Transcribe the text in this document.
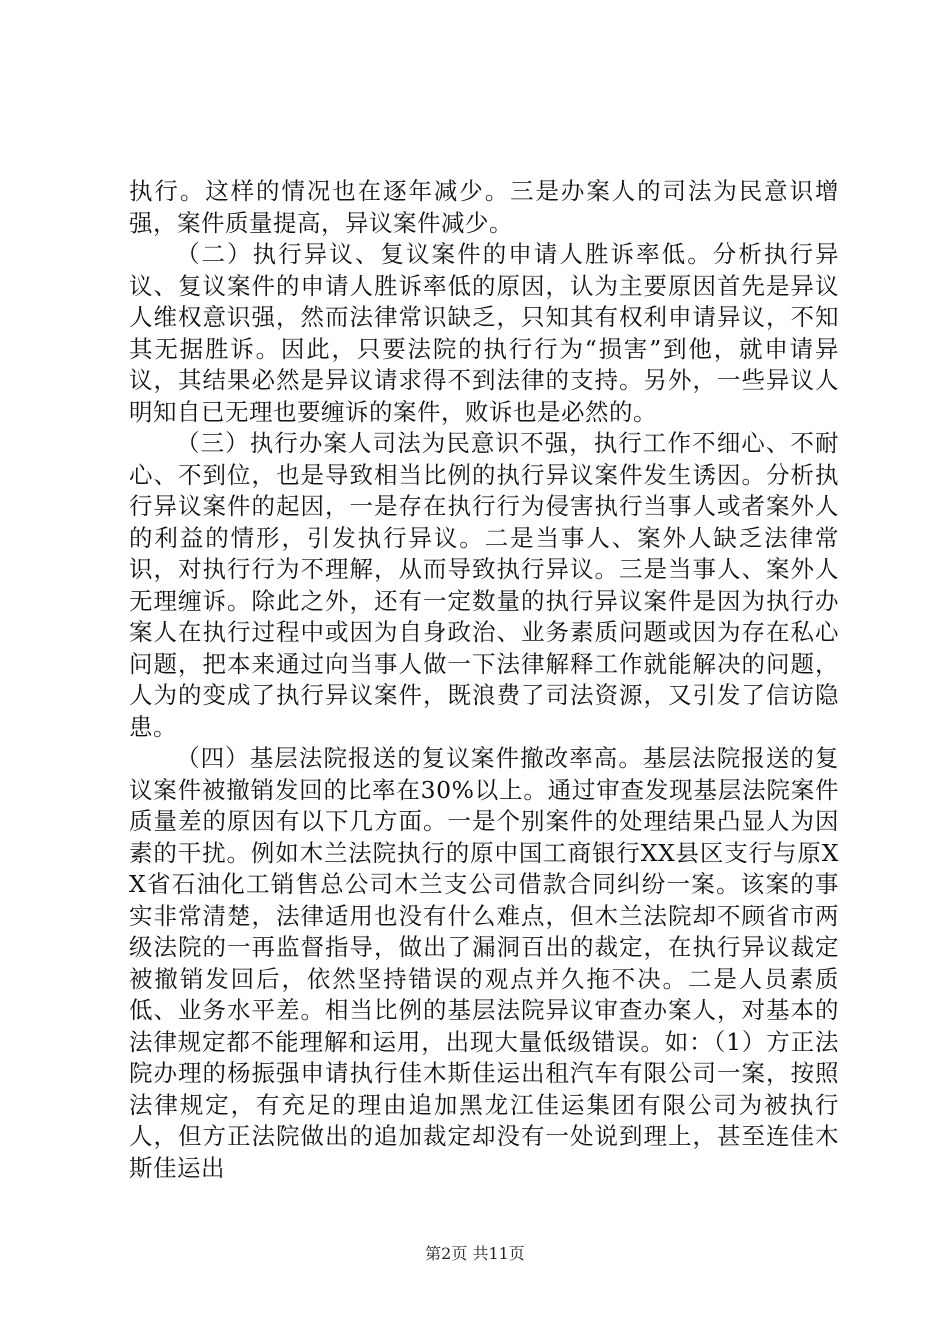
执行。这样的情况也在逐年减少。三是办案人的司法为民意识增强，案件质量提高，异议案件减少。

（二）执行异议、复议案件的申请人胜诉率低。分析执行异议、复议案件的申请人胜诉率低的原因，认为主要原因首先是异议人维权意识强，然而法律常识缺乏，只知其有权利申请异议，不知其无据胜诉。因此，只要法院的执行行为“损害”到他，就申请异议，其结果必然是异议请求得不到法律的支持。另外，一些异议人明知自已无理也要缠诉的案件，败诉也是必然的。

（三）执行办案人司法为民意识不强，执行工作不细心、不耐心、不到位，也是导致相当比例的执行异议案件发生诱因。分析执行异议案件的起因，一是存在执行行为侵害执行当事人或者案外人的利益的情形，引发执行异议。二是当事人、案外人缺乏法律常识，对执行行为不理解，从而导致执行异议。三是当事人、案外人无理缠诉。除此之外，还有一定数量的执行异议案件是因为执行办案人在执行过程中或因为自身政治、业务素质问题或因为存在私心问题，把本来通过向当事人做一下法律解释工作就能解决的问题，人为的变成了执行异议案件，既浪费了司法资源，又引发了信访隐患。

（四）基层法院报送的复议案件撤改率高。基层法院报送的复议案件被撤销发回的比率在30%以上。通过审查发现基层法院案件质量差的原因有以下几方面。一是个别案件的处理结果凸显人为因素的干扰。例如木兰法院执行的原中国工商银行XX县区支行与原XX省石油化工销售总公司木兰支公司借款合同纠纷一案。该案的事实非常清楚，法律适用也没有什么难点，但木兰法院却不顾省市两级法院的一再监督指导，做出了漏洞百出的裁定，在执行异议裁定被撤销发回后，依然坚持错误的观点并久拖不决。二是人员素质低、业务水平差。相当比例的基层法院异议审查办案人，对基本的法律规定都不能理解和运用，出现大量低级错误。如：（1）方正法院办理的杨振强申请执行佳木斯佳运出租汽车有限公司一案，按照法律规定，有充足的理由追加黑龙江佳运集团有限公司为被执行人，但方正法院做出的追加裁定却没有一处说到理上，甚至连佳木斯佳运出

第2页 共11页
